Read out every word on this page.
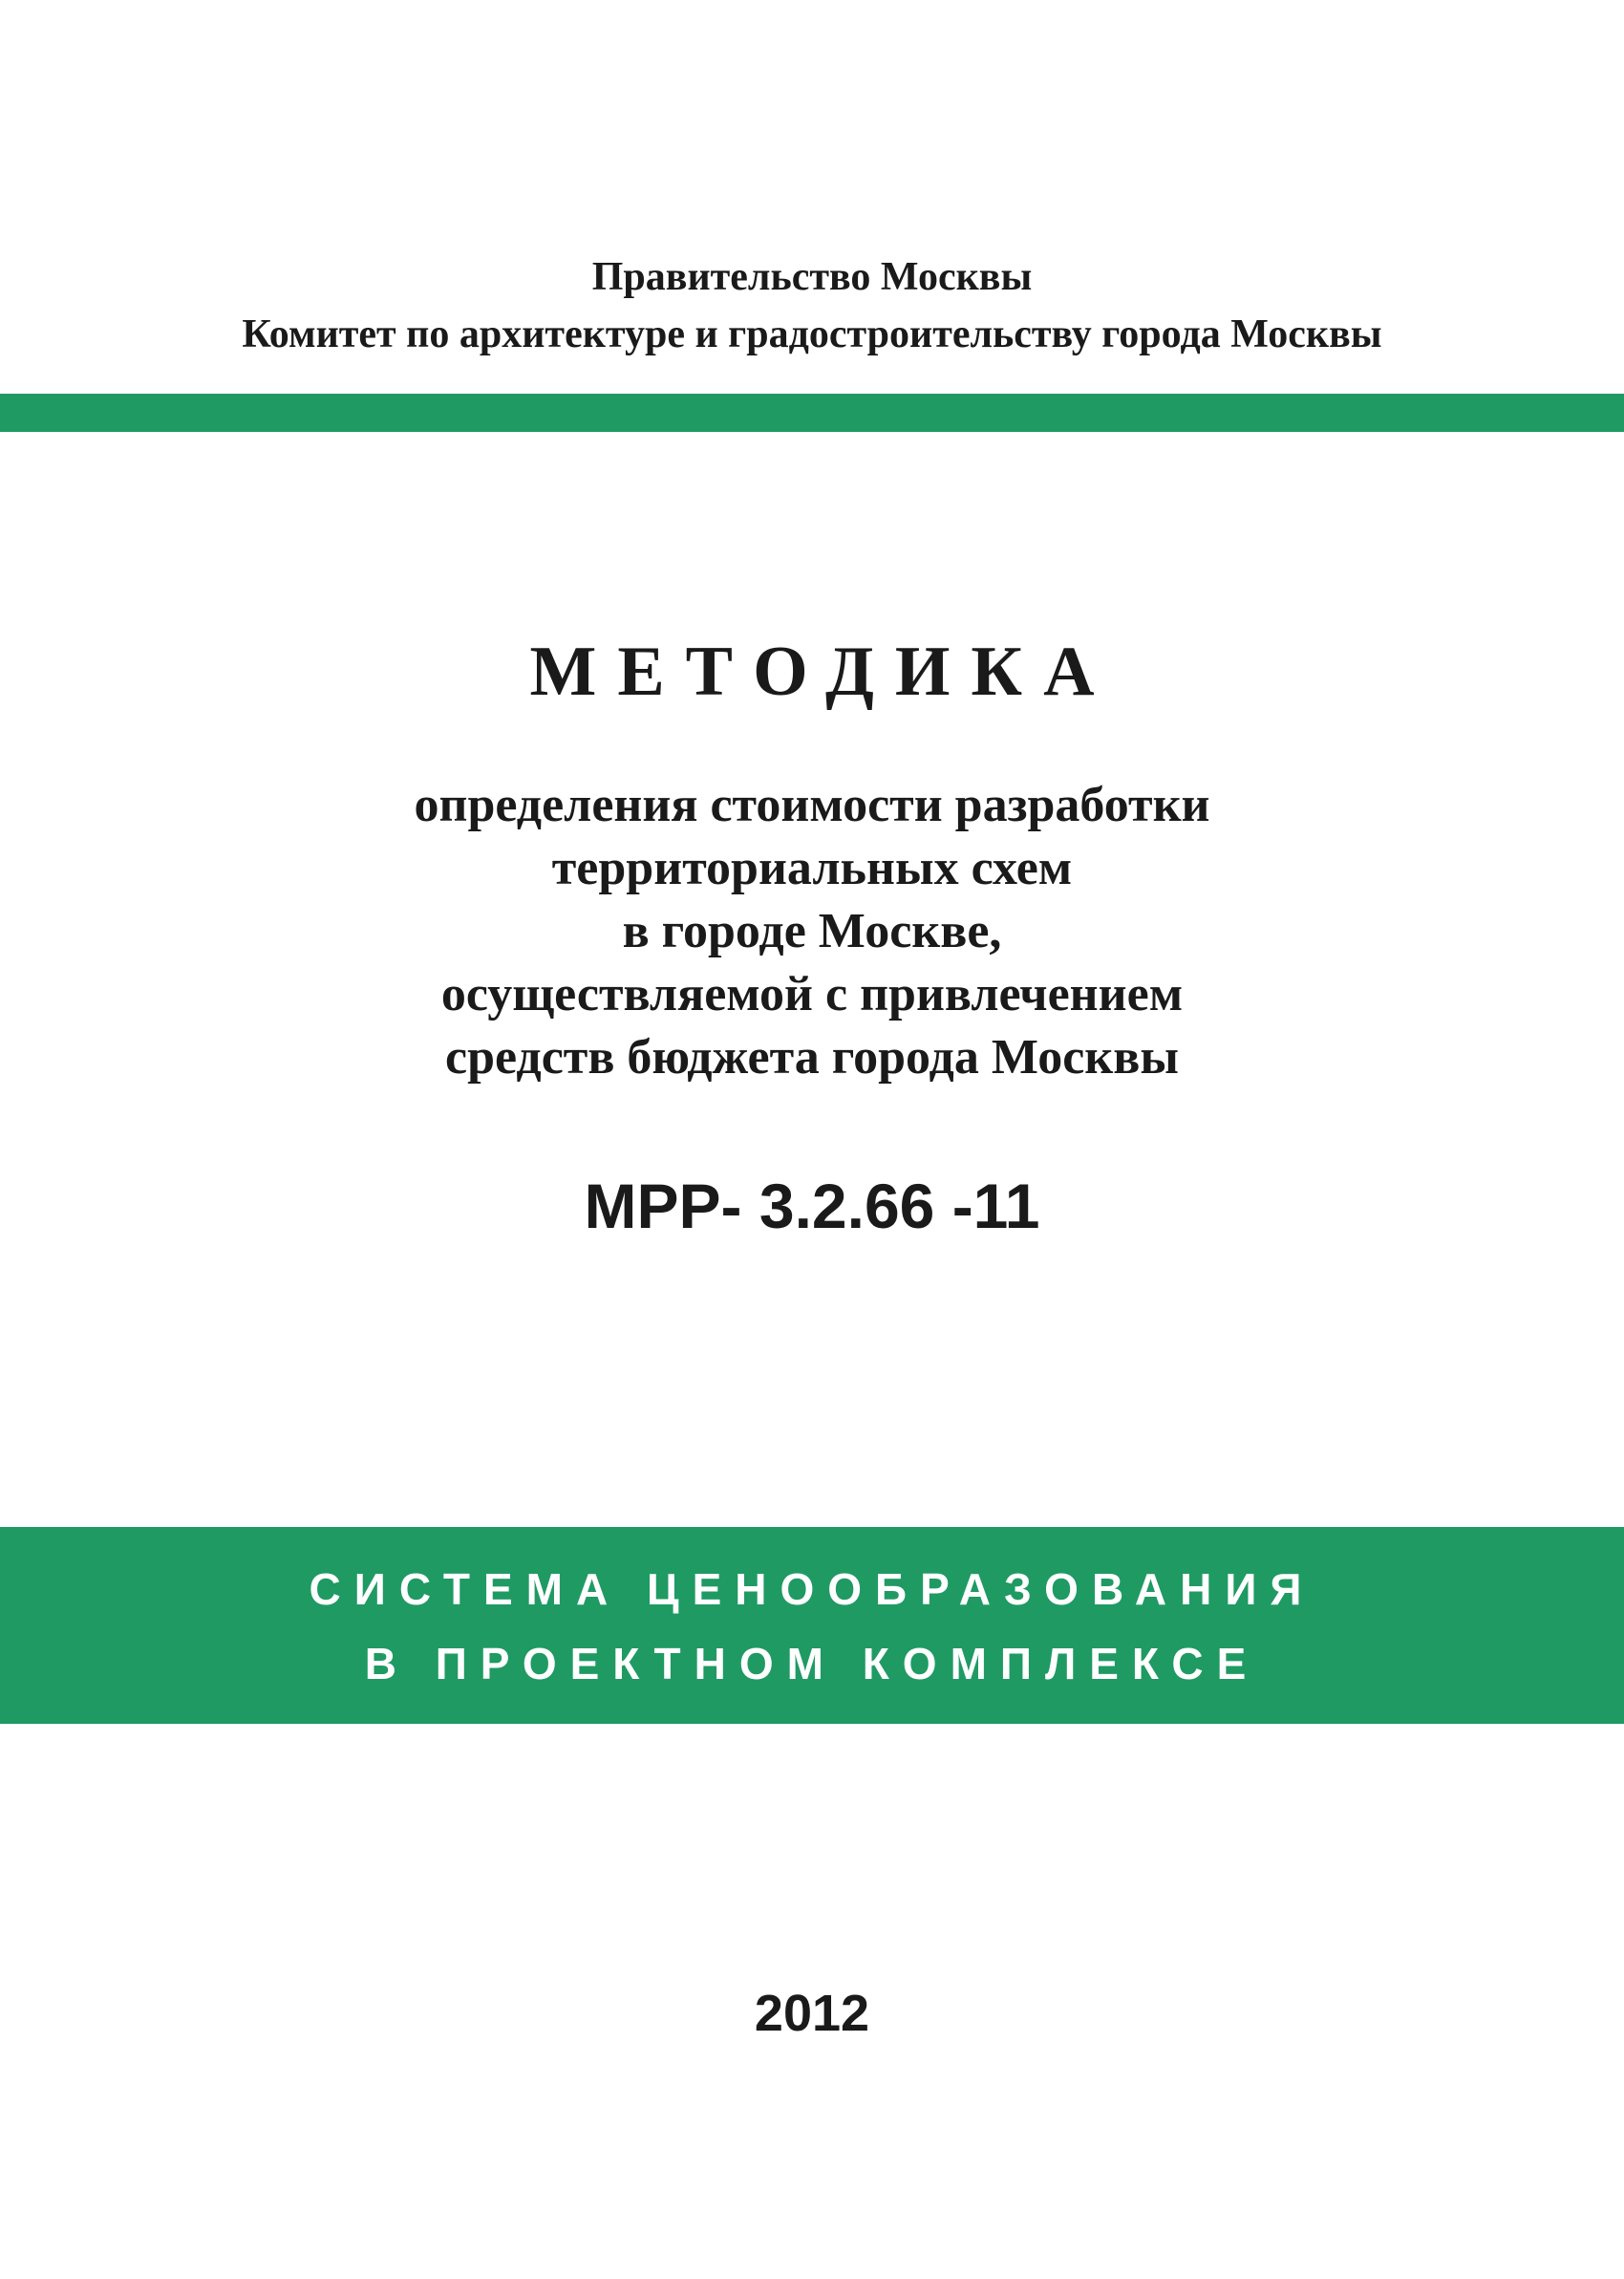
Правительство Москвы
Комитет по архитектуре и градостроительству города Москвы
МЕТОДИКА
определения стоимости разработки
территориальных схем
в городе Москве,
осуществляемой с привлечением
средств бюджета города Москвы
МРР- 3.2.66 -11
СИСТЕМА ЦЕНООБРАЗОВАНИЯ
В ПРОЕКТНОМ КОМПЛЕКСЕ
2012
